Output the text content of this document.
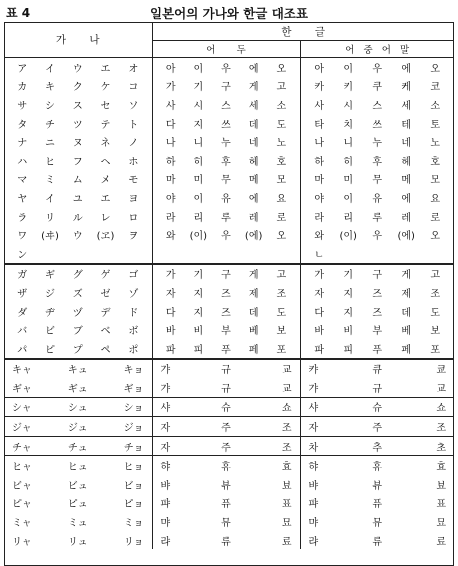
표 4	일본어의 가나와 한글 대조표
가       나	한       글	
	어       두	어   중   어   말

ア イ ウ エ オ	아 이 우 에 오	아 이 우 에 오

カ キ ク ケ コ	가 기 구 게 고	카 키 쿠 케 코

サ シ ス セ ソ	사 시 스 세 소	사 시 스 세 소

タ チ ツ テ ト	다 지 쓰 데 도	타 치 쓰 테 토

ナ ニ ヌ ネ ノ	나 니 누 네 노	나 니 누 네 노

ハ ヒ フ ヘ ホ	하 히 후 헤 호	하 히 후 헤 호

マ ミ ム メ モ	마 미 무 메 모	마 미 무 메 모

ヤ イ ユ エ ヨ	야 이 유 에 요	야 이 유 에 요

ラ リ ル レ ロ	라 리 루 레 로	라 리 루 레 로

ワ (ヰ) ウ (ヱ) ヲ	와 (이) 우 (에) 오	와 (이) 우 (에) 오

ン		ㄴ

ガ ギ グ ゲ ゴ	가 기 구 게 고	가 기 구 게 고

ザ ジ ズ ゼ ゾ	자 지 즈 제 조	자 지 즈 제 조

ダ ヂ ヅ デ ド	다 지 즈 데 도	다 지 즈 데 도

バ ビ ブ ベ ボ	바 비 부 베 보	바 비 부 베 보

パ ピ プ ペ ポ	파 피 푸 페 포	파 피 푸 페 포

キャ キュ キョ	갸 규 교	캬 큐 쿄

ギャ ギュ ギョ	갸 규 교	갸 규 교

シャ シュ ショ	샤 슈 쇼	샤 슈 쇼

ジャ ジュ ジョ	자 주 조	자 주 조

チャ チュ チョ	자 주 조	차 추 초

ヒャ ヒュ ヒョ	햐 휴 효	햐 휴 효

ビャ ビュ ビョ	뱌 뷰 뵤	뱌 뷰 뵤

ピャ ピュ ピョ	퍄 퓨 표	퍄 퓨 표

ミャ ミュ ミョ	먀 뮤 묘	먀 뮤 묘

リャ リュ リョ	랴 류 료	랴 류 료
